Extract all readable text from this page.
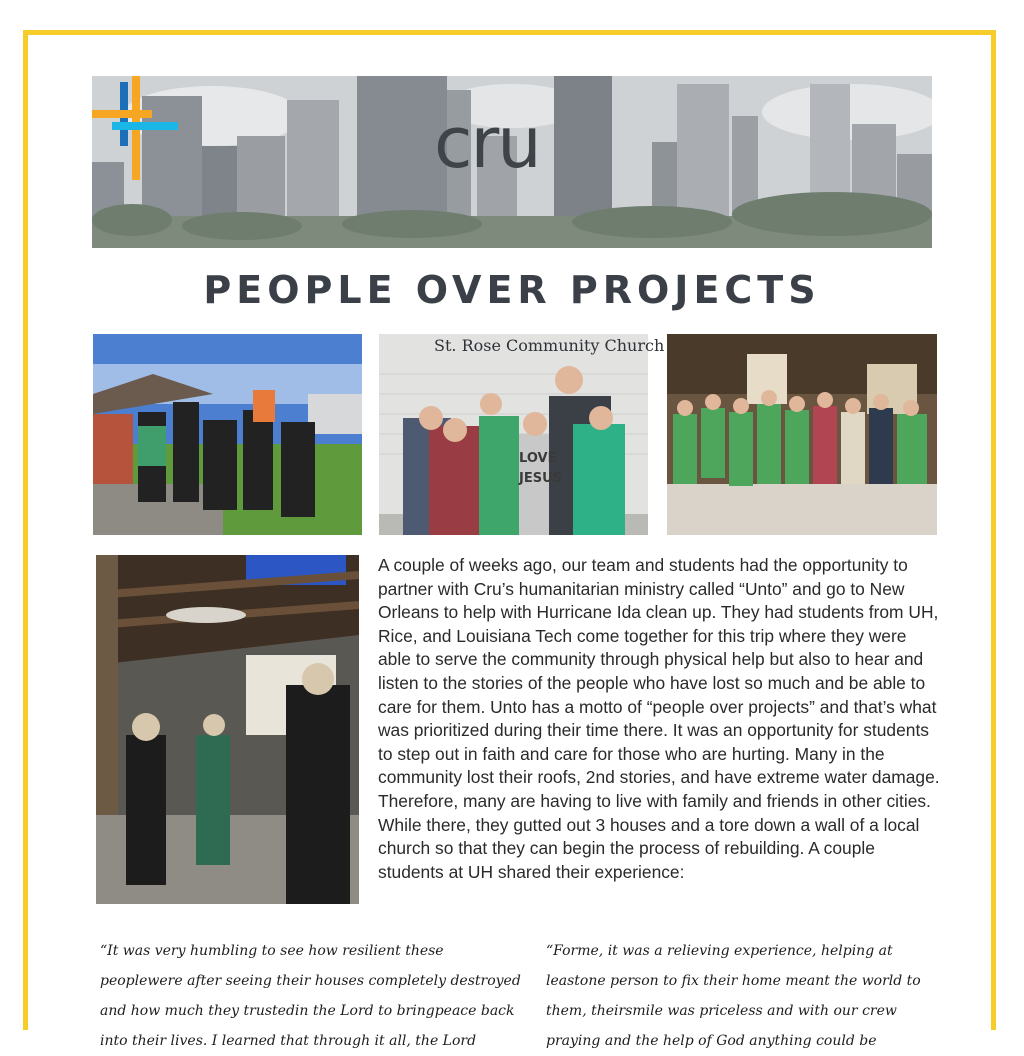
cru
PEOPLE OVER PROJECTS
LOVE
JESUS
St. Rose Community Church
A couple of weeks ago, our team and students had the opportunity to partner with Cru’s humanitarian ministry called “Unto” and go to New Orleans to help with Hurricane Ida clean up. They had students from UH, Rice, and Louisiana Tech come together for this trip where they were able to serve the community through physical help but also to hear and listen to the stories of the people who have lost so much and be able to care for them. Unto has a motto of “people over projects” and that’s what was prioritized during their time there. It was an opportunity for students to step out in faith and care for those who are hurting. Many in the community lost their roofs, 2nd stories, and have extreme water damage. Therefore, many are having to live with family and friends in other cities. While there, they gutted out 3 houses and a tore down a wall of a local church so that they can begin the process of rebuilding. A couple students at UH shared their experience:
“It was very humbling to see how resilient these peoplewere after seeing their houses completely destroyed and how much they trustedin the Lord to bringpeace back into their lives. I learned that through it all, the Lord
“Forme, it was a relieving experience, helping at leastone person to fix their home meant the world to them, theirsmile was priceless and with our crew praying and the help of God anything could be
